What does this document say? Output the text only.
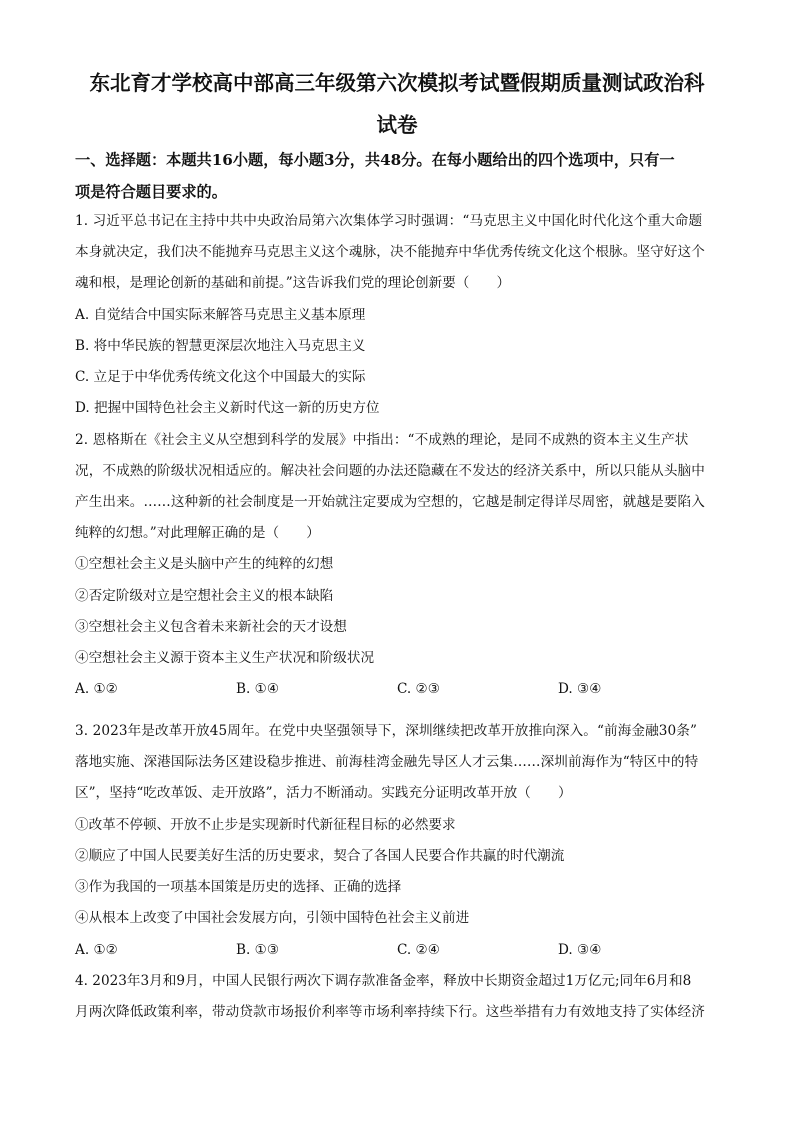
东北育才学校高中部高三年级第六次模拟考试暨假期质量测试政治科
试卷
一、选择题：本题共16小题，每小题3分，共48分。在每小题给出的四个选项中，只有一
项是符合题目要求的。
1. 习近平总书记在主持中共中央政治局第六次集体学习时强调：“马克思主义中国化时代化这个重大命题
本身就决定，我们决不能抛弃马克思主义这个魂脉，决不能抛弃中华优秀传统文化这个根脉。坚守好这个
魂和根，是理论创新的基础和前提。”这告诉我们党的理论创新要（　　）
A. 自觉结合中国实际来解答马克思主义基本原理
B. 将中华民族的智慧更深层次地注入马克思主义
C. 立足于中华优秀传统文化这个中国最大的实际
D. 把握中国特色社会主义新时代这一新的历史方位
2. 恩格斯在《社会主义从空想到科学的发展》中指出：“不成熟的理论，是同不成熟的资本主义生产状
况，不成熟的阶级状况相适应的。解决社会问题的办法还隐藏在不发达的经济关系中，所以只能从头脑中
产生出来。……这种新的社会制度是一开始就注定要成为空想的，它越是制定得详尽周密，就越是要陷入
纯粹的幻想。”对此理解正确的是（　　）
①空想社会主义是头脑中产生的纯粹的幻想
②否定阶级对立是空想社会主义的根本缺陷
③空想社会主义包含着未来新社会的天才设想
④空想社会主义源于资本主义生产状况和阶级状况
A. ①②	B. ①④	C. ②③	D. ③④
3. 2023年是改革开放45周年。在党中央坚强领导下，深圳继续把改革开放推向深入。“前海金融30条”
落地实施、深港国际法务区建设稳步推进、前海桂湾金融先导区人才云集……深圳前海作为“特区中的特
区”，坚持“吃改革饭、走开放路”，活力不断涌动。实践充分证明改革开放（　　）
①改革不停顿、开放不止步是实现新时代新征程目标的必然要求
②顺应了中国人民要美好生活的历史要求，契合了各国人民要合作共赢的时代潮流
③作为我国的一项基本国策是历史的选择、正确的选择
④从根本上改变了中国社会发展方向，引领中国特色社会主义前进
A. ①②	B. ①③	C. ②④	D. ③④
4. 2023年3月和9月，中国人民银行两次下调存款准备金率，释放中长期资金超过1万亿元;同年6月和8
月两次降低政策利率，带动贷款市场报价利率等市场利率持续下行。这些举措有力有效地支持了实体经济
